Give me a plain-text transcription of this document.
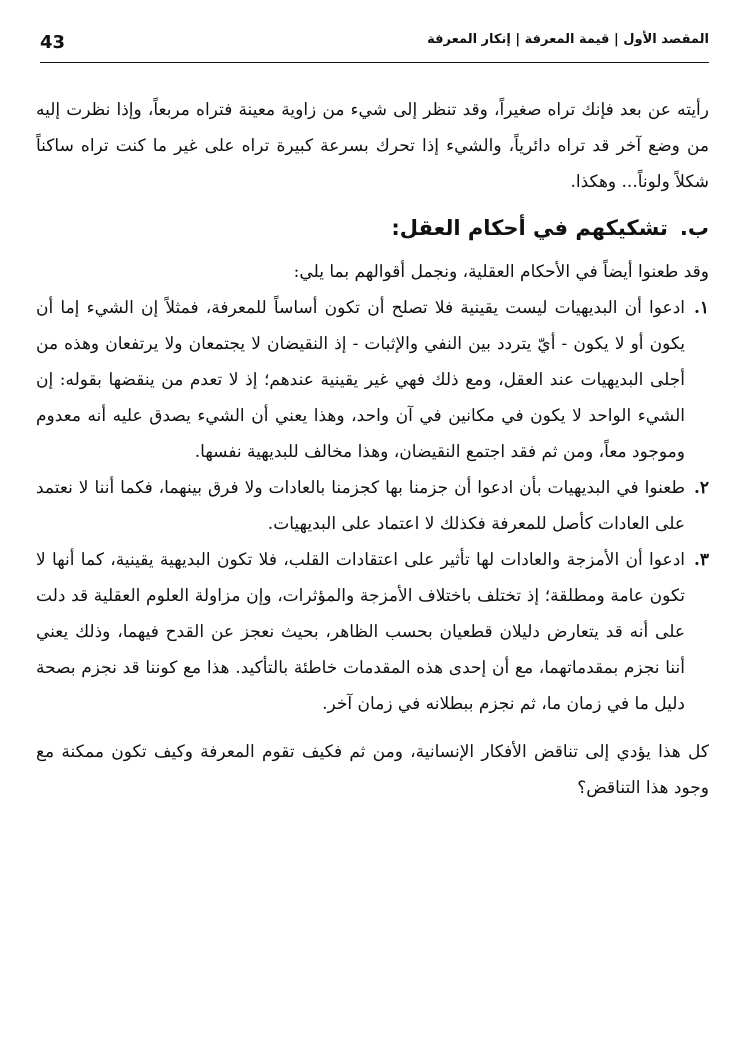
43	المقصد الأول | قيمة المعرفة | إنكار المعرفة

رأيته عن بعد فإنك تراه صغيراً، وقد تنظر إلى شيء من زاوية معينة فتراه مربعاً، وإذا نظرت إليه من وضع آخر قد تراه دائرياً، والشيء إذا تحرك بسرعة كبيرة تراه على غير ما كنت تراه ساكناً شكلاً ولوناً... وهكذا.

ب.تشكيكهم في أحكام العقل:

وقد طعنوا أيضاً في الأحكام العقلية، ونجمل أقوالهم بما يلي:

١.
ادعوا أن البديهيات ليست يقينية فلا تصلح أن تكون أساساً للمعرفة، فمثلاً إن الشيء إما أن يكون أو لا يكون - أيّ يتردد بين النفي والإثبات - إذ النقيضان لا يجتمعان ولا يرتفعان وهذه من أجلى البديهيات عند العقل، ومع ذلك فهي غير يقينية عندهم؛ إذ لا تعدم من ينقضها بقوله: إن الشيء الواحد لا يكون في مكانين في آن واحد، وهذا يعني أن الشيء يصدق عليه أنه معدوم وموجود معاً، ومن ثم فقد اجتمع النقيضان، وهذا مخالف للبديهية نفسها.
٢.
طعنوا في البديهيات بأن ادعوا أن جزمنا بها كجزمنا بالعادات ولا فرق بينهما، فكما أننا لا نعتمد على العادات كأصل للمعرفة فكذلك لا اعتماد على البديهيات.
٣.
ادعوا أن الأمزجة والعادات لها تأثير على اعتقادات القلب، فلا تكون البديهية يقينية، كما أنها لا تكون عامة ومطلقة؛ إذ تختلف باختلاف الأمزجة والمؤثرات، وإن مزاولة العلوم العقلية قد دلت على أنه قد يتعارض دليلان قطعيان بحسب الظاهر، بحيث نعجز عن القدح فيهما، وذلك يعني أننا نجزم بمقدماتهما، مع أن إحدى هذه المقدمات خاطئة بالتأكيد. هذا مع كوننا قد نجزم بصحة دليل ما في زمان ما، ثم نجزم ببطلانه في زمان آخر.

كل هذا يؤدي إلى تناقض الأفكار الإنسانية، ومن ثم فكيف تقوم المعرفة وكيف تكون ممكنة مع وجود هذا التناقض؟
